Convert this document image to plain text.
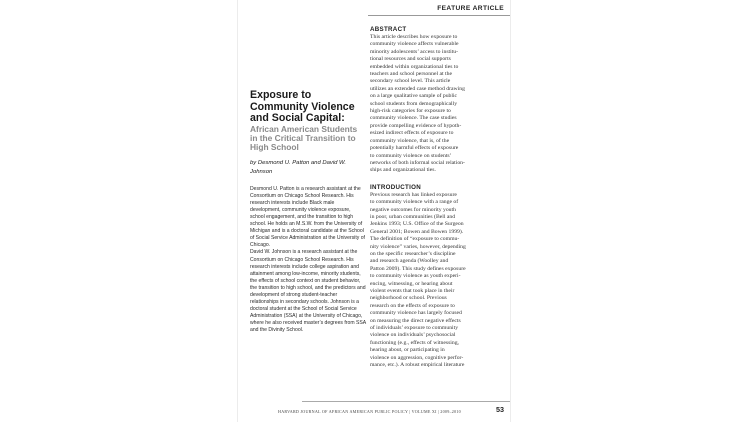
FEATURE ARTICLE
Exposure to Community Violence and Social Capital:
African American Students in the Critical Transition to High School

by Desmond U. Patton and David W. Johnson

Desmond U. Patton is a research assistant at the Consortium on Chicago School Research. His research interests include Black male development, community violence exposure, school engagement, and the transition to high school. He holds an M.S.W. from the University of Michigan and is a doctoral candidate at the School of Social Service Administration at the University of Chicago.
David W. Johnson is a research assistant at the Consortium on Chicago School Research. His research interests include college aspiration and attainment among low-income, minority students, the effects of school context on student behavior, the transition to high school, and the predictors and development of strong student-teacher relationships in secondary schools. Johnson is a doctoral student at the School of Social Service Administration (SSA) at the University of Chicago, where he also received master’s degrees from SSA and the Divinity School.

ABSTRACT

This article describes how exposure to
community violence affects vulnerable
minority adolescents’ access to institu-
tional resources and social supports
embedded within organizational ties to
teachers and school personnel at the
secondary school level. This article
utilizes an extended case method drawing
on a large qualitative sample of public
school students from demographically
high-risk categories for exposure to
community violence. The case studies
provide compelling evidence of hypoth-
esized indirect effects of exposure to
community violence, that is, of the
potentially harmful effects of exposure
to community violence on students’
networks of both informal social relation-
ships and organizational ties.

INTRODUCTION

Previous research has linked exposure
to community violence with a range of
negative outcomes for minority youth
in poor, urban communities (Bell and
Jenkins 1993; U.S. Office of the Surgeon
General 2001; Bowen and Bowen 1999).
The definition of “exposure to commu-
nity violence” varies, however, depending
on the specific researcher’s discipline
and research agenda (Woolley and
Patton 2009). This study defines exposure
to community violence as youth experi-
encing, witnessing, or hearing about
violent events that took place in their
neighborhood or school. Previous
research on the effects of exposure to
community violence has largely focused
on measuring the direct negative effects
of individuals’ exposure to community
violence on individuals’ psychosocial
functioning (e.g., effects of witnessing,
hearing about, or participating in
violence on aggression, cognitive perfor-
mance, etc.). A robust empirical literature

HARVARD JOURNAL OF AFRICAN AMERICAN PUBLIC POLICY | VOLUME XI | 2009–2010	53
